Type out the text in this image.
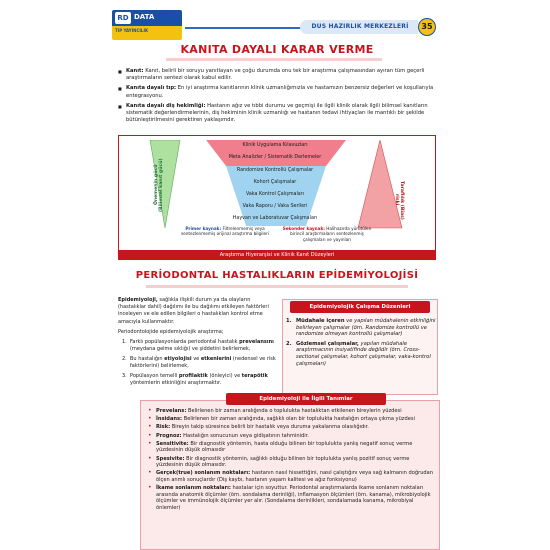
RD DATA
TIP YAYINCILIK
DUS HAZIRLIK MERKEZLERİ	35
KANITA DAYALI KARAR VERME
■ Kanıt: Kanıt, belirli bir soruyu yanıtlayan ve çoğu durumda onu tek bir araştırma çalışmasından ayıran tüm geçerli araştırmaların sentezi olarak kabul edilir.
■ Kanıta dayalı tıp: En iyi araştırma kanıtlarının klinik uzmanlığımızla ve hastamızın benzersiz değerleri ve koşullarıyla entegrasyonu.
■ Kanıta dayalı diş hekimliği: Hastanın ağız ve tıbbi durumu ve geçmişi ile ilgili klinik olarak ilgili bilimsel kanıtların sistematik değerlendirmelerinin, diş hekiminin klinik uzmanlığı ve hastanın tedavi ihtiyaçları ile mantıklı bir şekilde bütünleştirilmesini gerektiren yaklaşımdır.
Önemenin gücü (Bilimsel kanıt gücü)	Taraflılık (Bias) riski
Klinik Uygulama Kılavuzları
Meta Analizler / Sistematik Derlemeler
Randomize Kontrollü Çalışmalar
Kohort Çalışmalar
Vaka Kontrol Çalışmaları
Vaka Raporu / Vaka Serileri
Hayvan ve Laboratuvar Çalışmaları
Primer kaynak: Filtrelenmemiş veya sentezlenmemiş orijinal araştırma bilgileri
Sekonder kaynak: Halihazırda yürütülen birincil araştırmaların sentezlenmiş çalışmaları ve yayınları
Araştırma Hiyerarşisi ve Klinik Kanıt Düzeyleri
PERİODONTAL HASTALIKLARIN EPİDEMİYOLOJİSİ

Epidemiyoloji, sağlıkla ilişkili durum ya da olayların (hastalıklar dahil) dağılımı ile bu dağılımı etkileyen faktörleri inceleyen ve ele edilen bilgileri o hastalıkları kontrol etme amacıyla kullanmaktır.

Periodontolojide epidemiyolojik araştırma;

1. Farklı popülasyonlarda periodontal hastalık prevelansını (meydana gelme sıklığı) ve şiddetini belirlemek,
2. Bu hastalığın etiyolojisi ve etkenlerini (nedensel ve risk faktörlerini) belirlemek,
3. Popülasyon temelli profilaktik (önleyici) ve terapötik yöntemlerin etkinliğini araştırmaktır.
Epidemiyolojik Çalışma Düzenleri
1. Müdahale içeren ve yapılan müdahalenin etkinliğini belirleyen çalışmalar (örn. Randomize kontrollü ve randomize olmayan kontrollü çalışmalar)
2. Gözlemsel çalışmalar, yapılan müdahale araştırmacının insiyatifinde değildir (örn. Cross-sectional çalışmalar, kohort çalışmalar, vaka-kontrol çalışmaları)
Epidemiyoloji ile İlgili Tanımlar
• Prevelans: Belirlenen bir zaman aralığında o toplulukta hastalıktan etkilenen bireylerin yüzdesi
• İnsidans: Belirlenen bir zaman aralığında, sağlıklı olan bir toplulukta hastalığın ortaya çıkma yüzdesi
• Risk: Bireyin takip süresince belirli bir hastalık veya duruma yakalanma olasılığıdır.
• Prognoz: Hastalığın sonucunun veya gidişatının tahminidir.
• Sensitivite: Bir diagnostik yöntemin, hasta olduğu bilinen bir toplulukta yanlış negatif sonuç verme yüzdesinin düşük olmasıdır
• Spesivite: Bir diagnostik yöntemin, sağlıklı olduğu bilinen bir toplulukta yanlış pozitif sonuç verme yüzdesinin düşük olmasıdır.
• Gerçek(true) sonlanım noktaları: hastanın nasıl hissettiğini, nasıl çalıştığını veya sağ kalmanın doğrudan ölçen anmlı sonuçlardır (Diş kaybı, hastanın yaşam kalitesi ve ağız fonksiyonu)
• İkame sonlanım noktaları: hastalar için soyuttur. Periodontal araştırmalarda ikame sonlanım noktaları arasında anatomik ölçümler (örn. sondalama derinliği), inflamasyon ölçümleri (örn. kanama), mikrobiyolojik ölçümler ve immünolojik ölçümler yer alır. (Sondalama derinlikleri, sondalamada kanama, mikrobiyal önlemler)
